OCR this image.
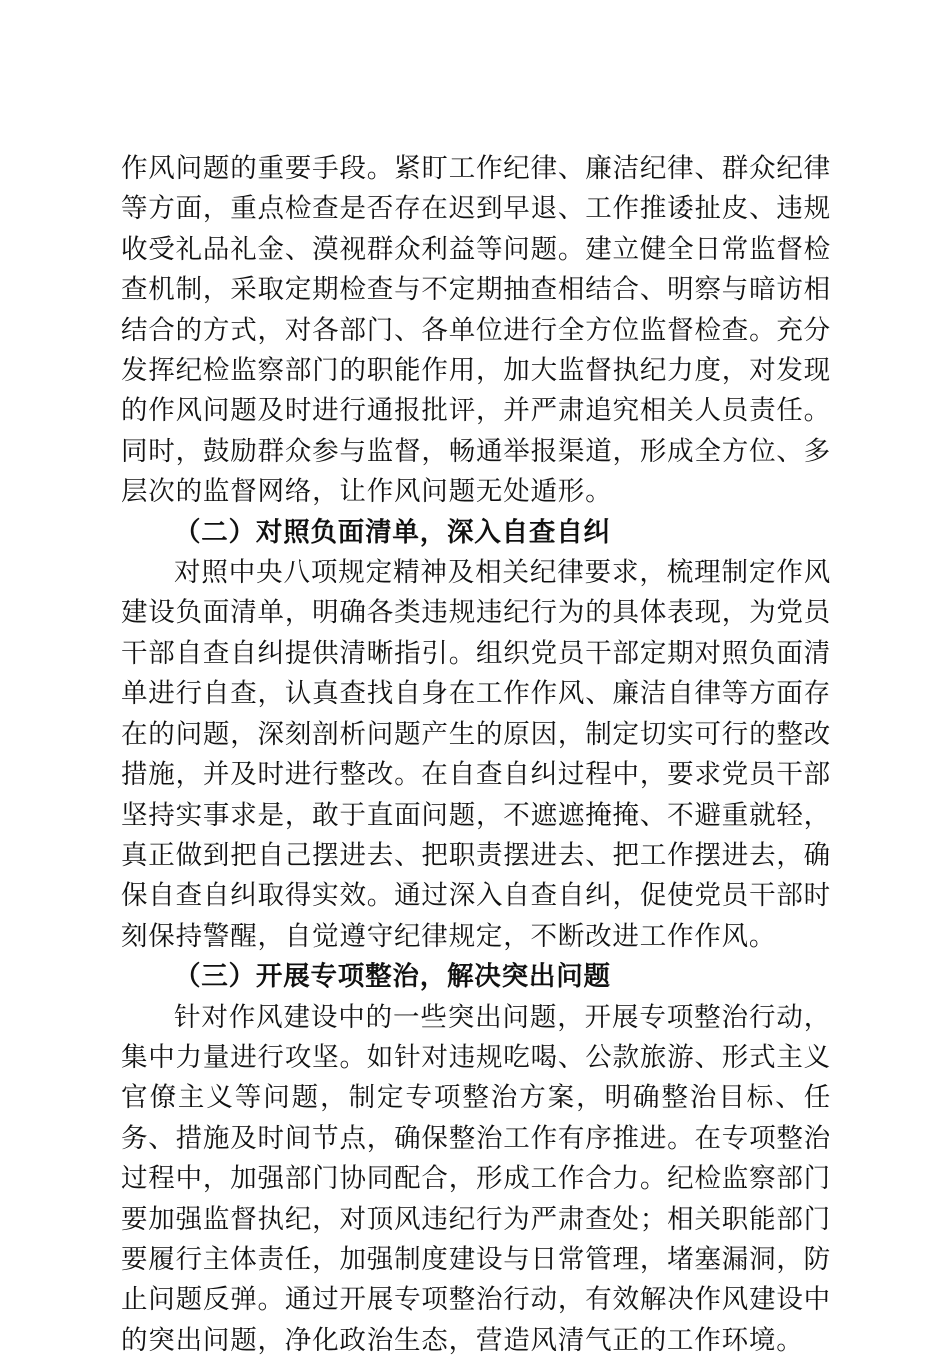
作风问题的重要手段。紧盯工作纪律、廉洁纪律、群众纪律等方面，重点检查是否存在迟到早退、工作推诿扯皮、违规收受礼品礼金、漠视群众利益等问题。建立健全日常监督检查机制，采取定期检查与不定期抽查相结合、明察与暗访相结合的方式，对各部门、各单位进行全方位监督检查。充分发挥纪检监察部门的职能作用，加大监督执纪力度，对发现的作风问题及时进行通报批评，并严肃追究相关人员责任。同时，鼓励群众参与监督，畅通举报渠道，形成全方位、多层次的监督网络，让作风问题无处遁形。

（二）对照负面清单，深入自查自纠

对照中央八项规定精神及相关纪律要求，梳理制定作风建设负面清单，明确各类违规违纪行为的具体表现，为党员干部自查自纠提供清晰指引。组织党员干部定期对照负面清单进行自查，认真查找自身在工作作风、廉洁自律等方面存在的问题，深刻剖析问题产生的原因，制定切实可行的整改措施，并及时进行整改。在自查自纠过程中，要求党员干部坚持实事求是，敢于直面问题，不遮遮掩掩、不避重就轻，真正做到把自己摆进去、把职责摆进去、把工作摆进去，确保自查自纠取得实效。通过深入自查自纠，促使党员干部时刻保持警醒，自觉遵守纪律规定，不断改进工作作风。

（三）开展专项整治，解决突出问题

针对作风建设中的一些突出问题，开展专项整治行动，集中力量进行攻坚。如针对违规吃喝、公款旅游、形式主义官僚主义等问题，制定专项整治方案，明确整治目标、任务、措施及时间节点，确保整治工作有序推进。在专项整治过程中，加强部门协同配合，形成工作合力。纪检监察部门要加强监督执纪，对顶风违纪行为严肃查处；相关职能部门要履行主体责任，加强制度建设与日常管理，堵塞漏洞，防止问题反弹。通过开展专项整治行动，有效解决作风建设中的突出问题，净化政治生态，营造风清气正的工作环境。
